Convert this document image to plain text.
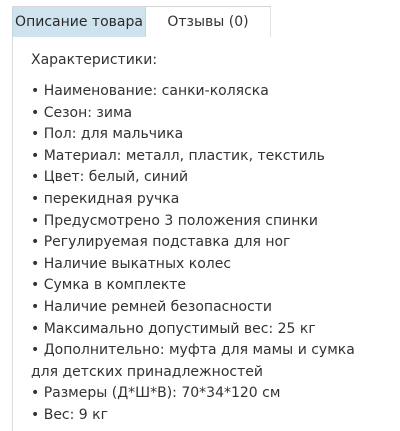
Описание товара	Отзывы (0)
Характеристики:
• Наименование: санки-коляска
• Сезон: зима
• Пол: для мальчика
• Материал: металл, пластик, текстиль
• Цвет: белый, синий
• перекидная ручка
• Предусмотрено 3 положения спинки
• Регулируемая подставка для ног
• Наличие выкатных колес
• Сумка в комплекте
• Наличие ремней безопасности
• Максимально допустимый вес: 25 кг
• Дополнительно: муфта для мамы и сумка для детских принадлежностей
• Размеры (Д*Ш*В): 70*34*120 см
• Вес: 9 кг
